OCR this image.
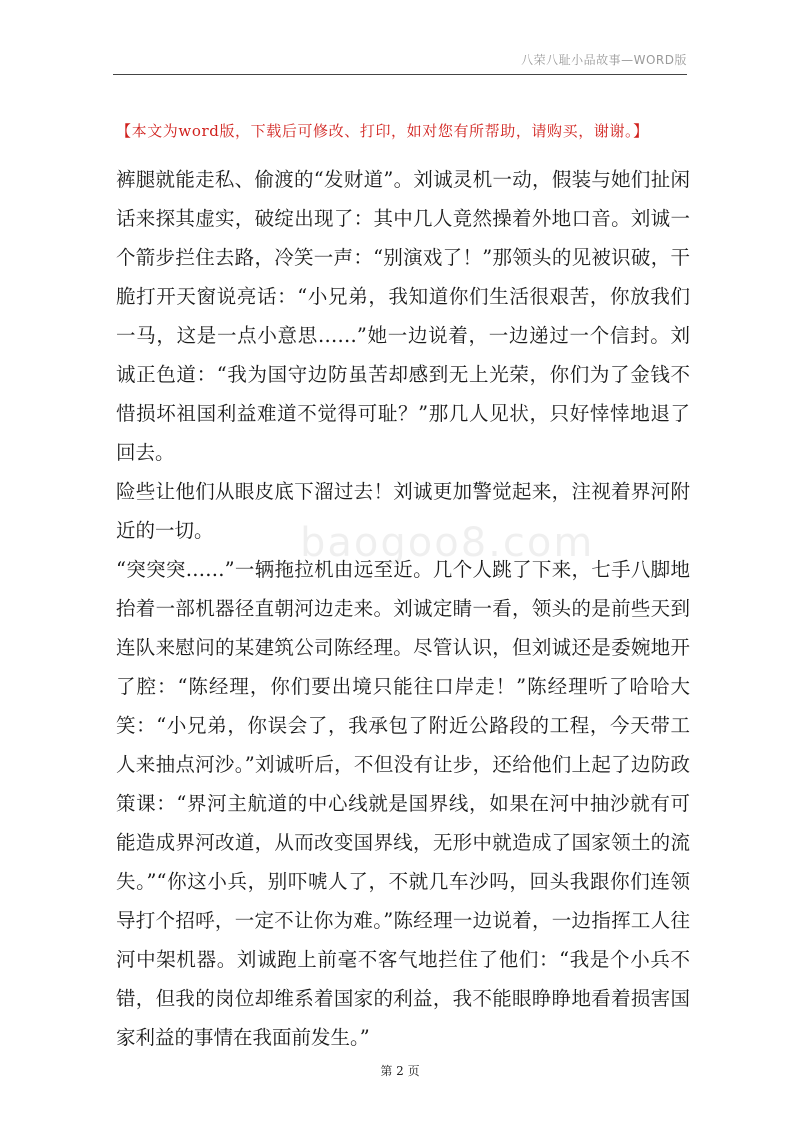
八荣八耻小品故事—WORD版
【本文为word版，下载后可修改、打印，如对您有所帮助，请购买，谢谢。】
baogoo8.com

裤腿就能走私、偷渡的“发财道”。刘诚灵机一动，假装与她们扯闲话来探其虚实，破绽出现了：其中几人竟然操着外地口音。刘诚一个箭步拦住去路，冷笑一声：“别演戏了！”那领头的见被识破，干脆打开天窗说亮话：“小兄弟，我知道你们生活很艰苦，你放我们一马，这是一点小意思……”她一边说着，一边递过一个信封。刘诚正色道：“我为国守边防虽苦却感到无上光荣，你们为了金钱不惜损坏祖国利益难道不觉得可耻？”那几人见状，只好悻悻地退了回去。

险些让他们从眼皮底下溜过去！刘诚更加警觉起来，注视着界河附近的一切。

“突突突……”一辆拖拉机由远至近。几个人跳了下来，七手八脚地抬着一部机器径直朝河边走来。刘诚定睛一看，领头的是前些天到连队来慰问的某建筑公司陈经理。尽管认识，但刘诚还是委婉地开了腔：“陈经理，你们要出境只能往口岸走！”陈经理听了哈哈大笑：“小兄弟，你误会了，我承包了附近公路段的工程，今天带工人来抽点河沙。”刘诚听后，不但没有让步，还给他们上起了边防政策课：“界河主航道的中心线就是国界线，如果在河中抽沙就有可能造成界河改道，从而改变国界线，无形中就造成了国家领土的流失。”“你这小兵，别吓唬人了，不就几车沙吗，回头我跟你们连领导打个招呼，一定不让你为难。”陈经理一边说着，一边指挥工人往河中架机器。刘诚跑上前毫不客气地拦住了他们：“我是个小兵不错，但我的岗位却维系着国家的利益，我不能眼睁睁地看着损害国家利益的事情在我面前发生。”

第 2 页
